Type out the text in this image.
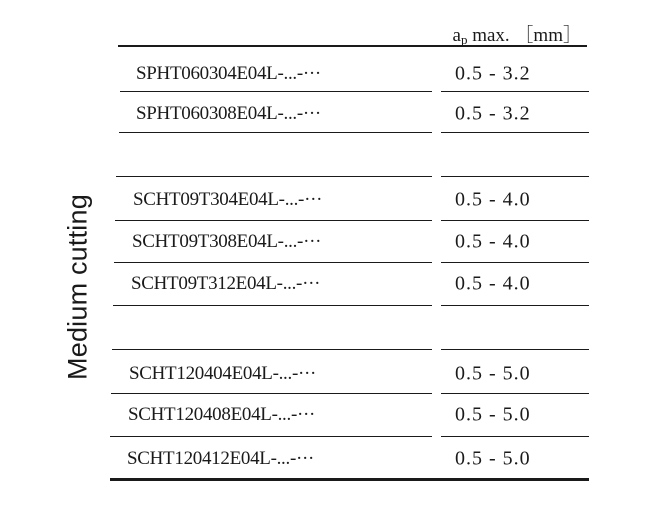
Medium cutting
$a_p$ max. ［mm］
SPHT060304E04L-...-···	0.5 - 3.2
SPHT060308E04L-...-···	0.5 - 3.2
SCHT09T304E04L-...-···	0.5 - 4.0
SCHT09T308E04L-...-···	0.5 - 4.0
SCHT09T312E04L-...-···	0.5 - 4.0
SCHT120404E04L-...-···	0.5 - 5.0
SCHT120408E04L-...-···	0.5 - 5.0
SCHT120412E04L-...-···	0.5 - 5.0
